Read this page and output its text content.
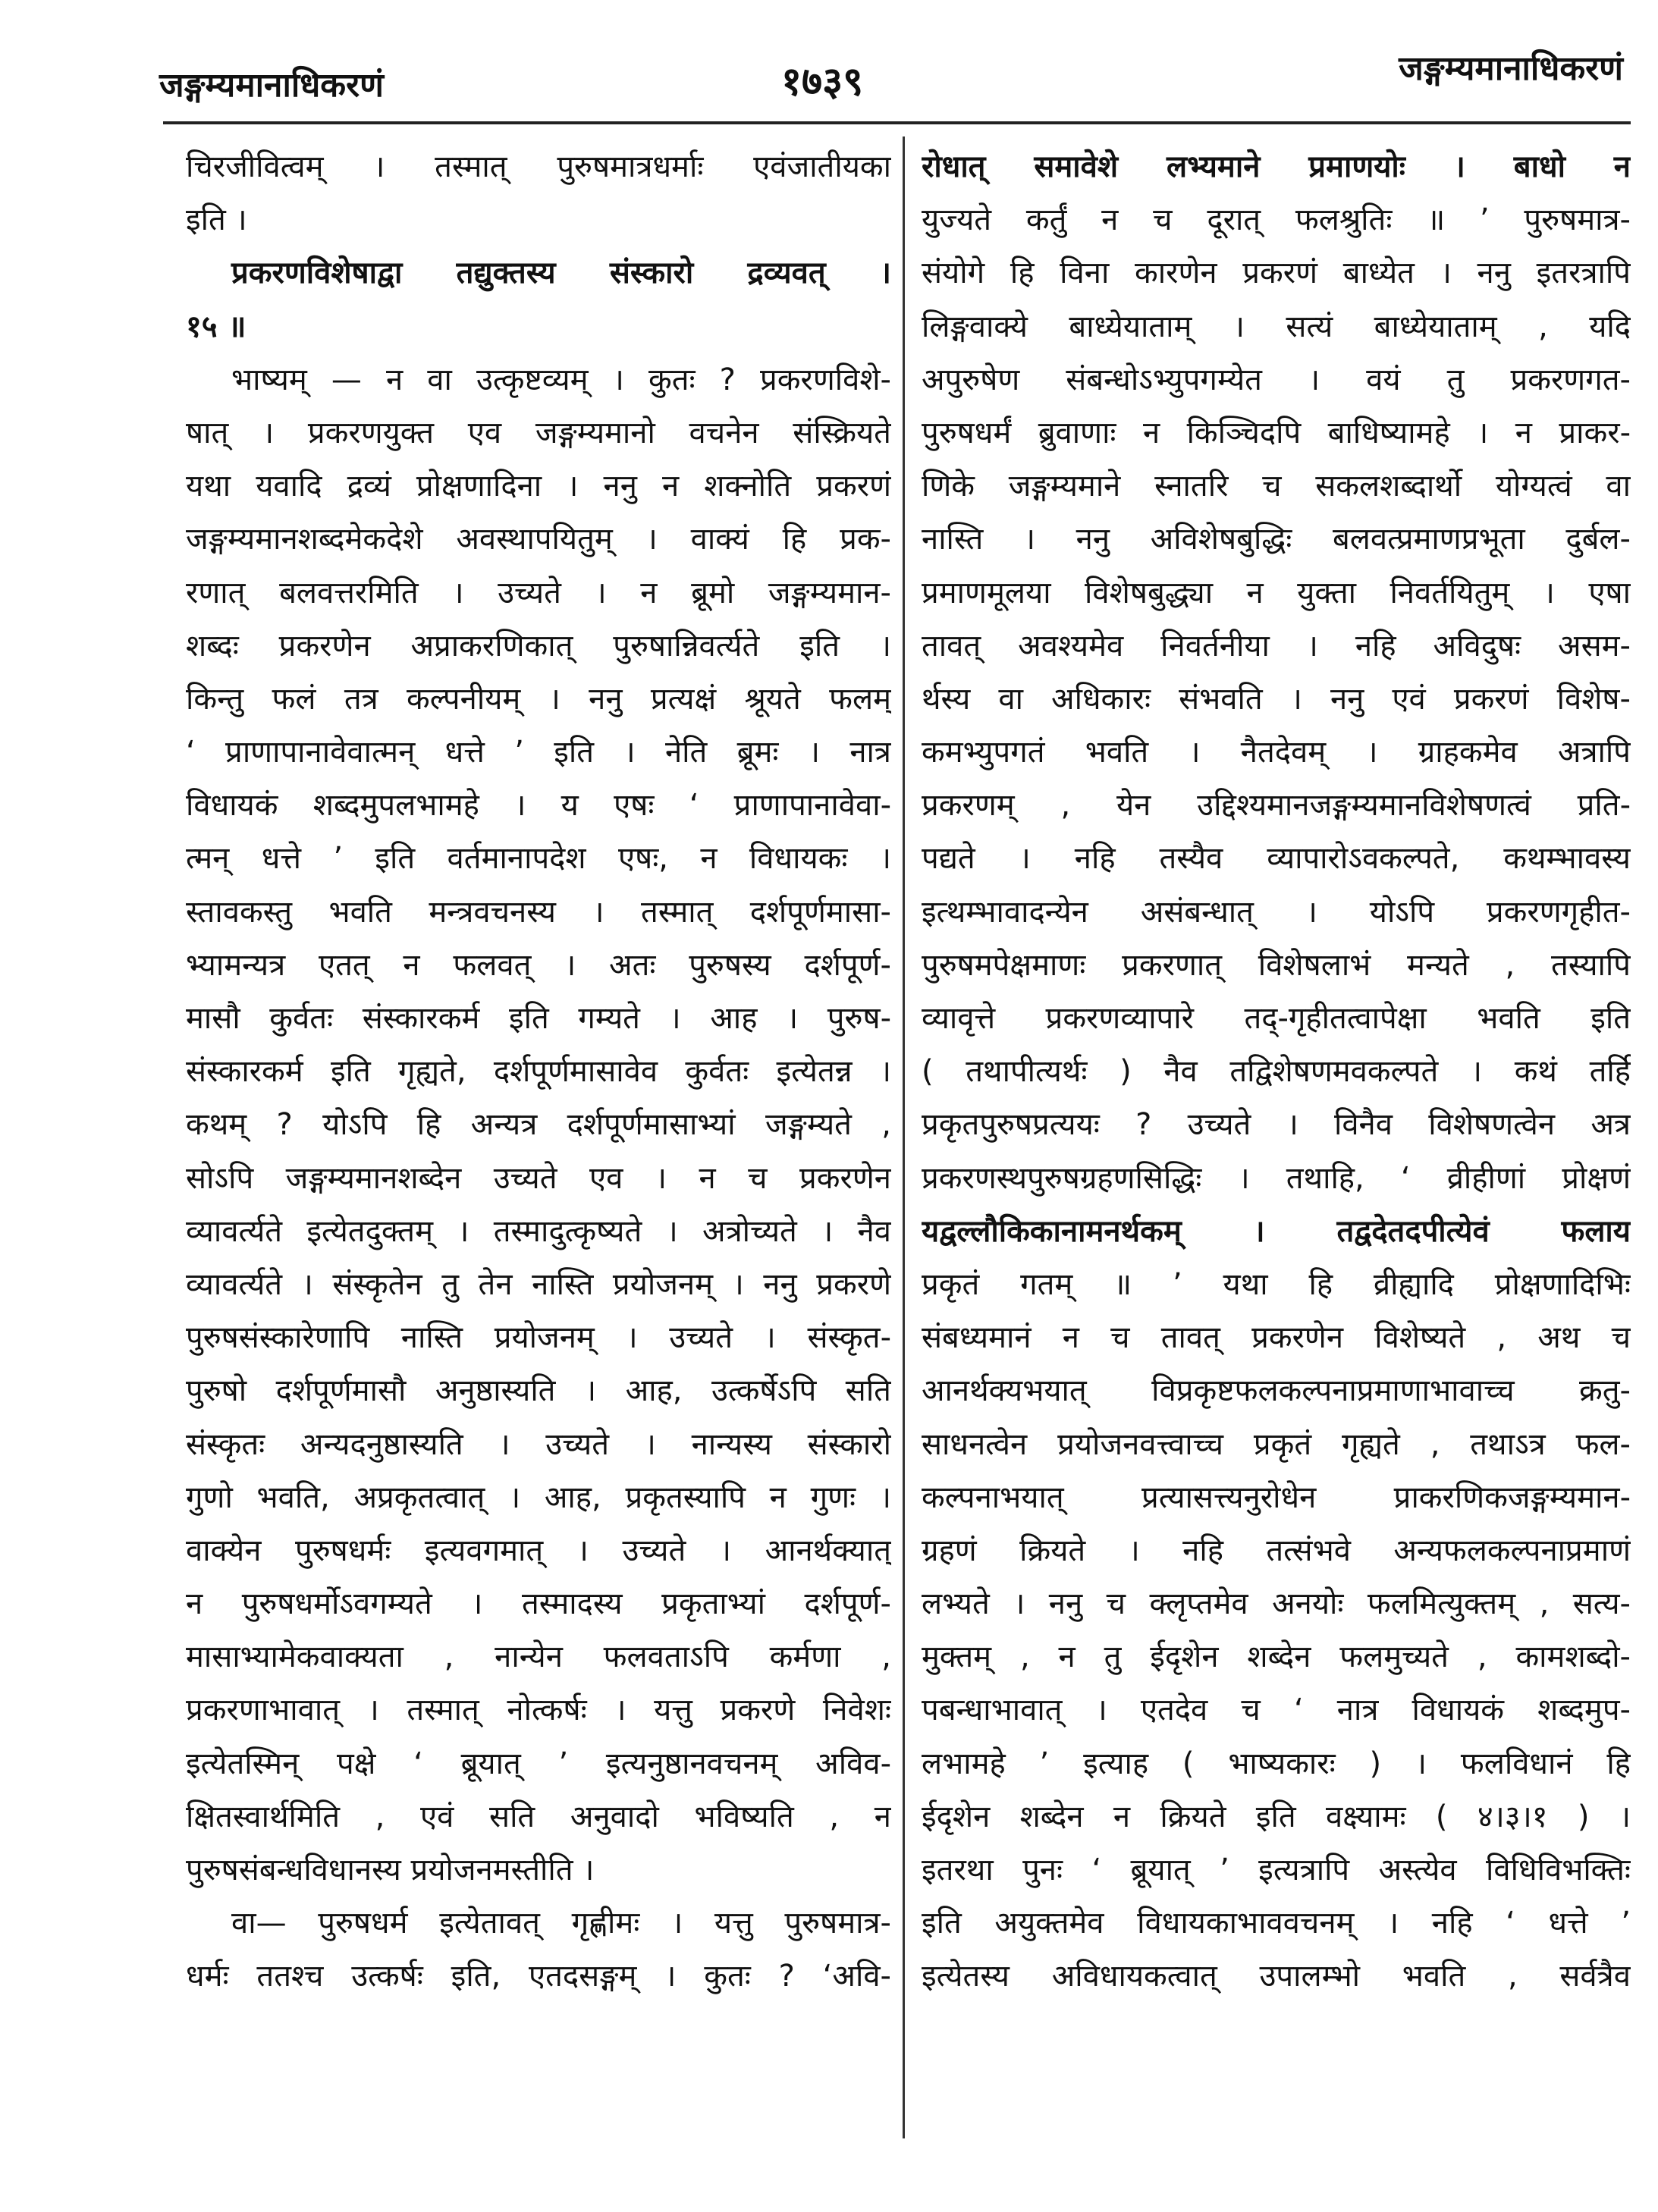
जङ्गम्यमानाधिकरणं	१७३९	जङ्गम्यमानाधिकरणं
चिरजीवित्वम् । तस्मात् पुरुषमात्रधर्माः एवंजातीयका
इति ।
प्रकरणविशेषाद्वा तद्युक्तस्य संस्कारो द्रव्यवत् ।
१५ ॥
भाष्यम् — न वा उत्कृष्टव्यम् । कुतः ? प्रकरणविशे-
षात् । प्रकरणयुक्त एव जङ्गम्यमानो वचनेन संस्क्रियते
यथा यवादि द्रव्यं प्रोक्षणादिना । ननु न शक्नोति प्रकरणं
जङ्गम्यमानशब्दमेकदेशे अवस्थापयितुम् । वाक्यं हि प्रक-
रणात् बलवत्तरमिति । उच्यते । न ब्रूमो जङ्गम्यमान-
शब्दः प्रकरणेन अप्राकरणिकात् पुरुषान्निवर्त्यते इति ।
किन्तु फलं तत्र कल्पनीयम् । ननु प्रत्यक्षं श्रूयते फलम्
‘ प्राणापानावेवात्मन् धत्ते ’ इति । नेति ब्रूमः । नात्र
विधायकं शब्दमुपलभामहे । य एषः ‘ प्राणापानावेवा-
त्मन् धत्ते ’ इति वर्तमानापदेश एषः, न विधायकः ।
स्तावकस्तु भवति मन्त्रवचनस्य । तस्मात् दर्शपूर्णमासा-
भ्यामन्यत्र एतत् न फलवत् । अतः पुरुषस्य दर्शपूर्ण-
मासौ कुर्वतः संस्कारकर्म इति गम्यते । आह । पुरुष-
संस्कारकर्म इति गृह्यते, दर्शपूर्णमासावेव कुर्वतः इत्येतन्न ।
कथम् ? योऽपि हि अन्यत्र दर्शपूर्णमासाभ्यां जङ्गम्यते ,
सोऽपि जङ्गम्यमानशब्देन उच्यते एव । न च प्रकरणेन
व्यावर्त्यते इत्येतदुक्तम् । तस्मादुत्कृष्यते । अत्रोच्यते । नैव
व्यावर्त्यते । संस्कृतेन तु तेन नास्ति प्रयोजनम् । ननु प्रकरणे
पुरुषसंस्कारेणापि नास्ति प्रयोजनम् । उच्यते । संस्कृत-
पुरुषो दर्शपूर्णमासौ अनुष्ठास्यति । आह, उत्कर्षेऽपि सति
संस्कृतः अन्यदनुष्ठास्यति । उच्यते । नान्यस्य संस्कारो
गुणो भवति, अप्रकृतत्वात् । आह, प्रकृतस्यापि न गुणः ।
वाक्येन पुरुषधर्मः इत्यवगमात् । उच्यते । आनर्थक्यात्
न पुरुषधर्मोऽवगम्यते । तस्मादस्य प्रकृताभ्यां दर्शपूर्ण-
मासाभ्यामेकवाक्यता , नान्येन फलवताऽपि कर्मणा ,
प्रकरणाभावात् । तस्मात् नोत्कर्षः । यत्तु प्रकरणे निवेशः
इत्येतस्मिन् पक्षे ‘ ब्रूयात् ’ इत्यनुष्ठानवचनम् अविव-
क्षितस्वार्थमिति , एवं सति अनुवादो भविष्यति , न
पुरुषसंबन्धविधानस्य प्रयोजनमस्तीति ।
वा— पुरुषधर्म इत्येतावत् गृह्णीमः । यत्तु पुरुषमात्र-
धर्मः ततश्च उत्कर्षः इति, एतदसङ्गम् । कुतः ? ‘अवि-
रोधात् समावेशे लभ्यमाने प्रमाणयोः । बाधो न
युज्यते कर्तुं न च दूरात् फलश्रुतिः ॥ ’ पुरुषमात्र-
संयोगे हि विना कारणेन प्रकरणं बाध्येत । ननु इतरत्रापि
लिङ्गवाक्ये बाध्येयाताम् । सत्यं बाध्येयाताम् , यदि
अपुरुषेण संबन्धोऽभ्युपगम्येत । वयं तु प्रकरणगत-
पुरुषधर्मं ब्रुवाणाः न किञ्चिदपि बाधिष्यामहे । न प्राकर-
णिके जङ्गम्यमाने स्नातरि च सकलशब्दार्थो योग्यत्वं वा
नास्ति । ननु अविशेषबुद्धिः बलवत्प्रमाणप्रभूता दुर्बल-
प्रमाणमूलया विशेषबुद्ध्या न युक्ता निवर्तयितुम् । एषा
तावत् अवश्यमेव निवर्तनीया । नहि अविदुषः असम-
र्थस्य वा अधिकारः संभवति । ननु एवं प्रकरणं विशेष-
कमभ्युपगतं भवति । नैतदेवम् । ग्राहकमेव अत्रापि
प्रकरणम् , येन उद्दिश्यमानजङ्गम्यमानविशेषणत्वं प्रति-
पद्यते । नहि तस्यैव व्यापारोऽवकल्पते, कथम्भावस्य
इत्थम्भावादन्येन असंबन्धात् । योऽपि प्रकरणगृहीत-
पुरुषमपेक्षमाणः प्रकरणात् विशेषलाभं मन्यते , तस्यापि
व्यावृत्ते प्रकरणव्यापारे तद्-गृहीतत्वापेक्षा भवति इति
( तथापीत्यर्थः ) नैव तद्विशेषणमवकल्पते । कथं तर्हि
प्रकृतपुरुषप्रत्ययः ? उच्यते । विनैव विशेषणत्वेन अत्र
प्रकरणस्थपुरुषग्रहणसिद्धिः । तथाहि, ‘ व्रीहीणां प्रोक्षणं
यद्वल्लौकिकानामनर्थकम् । तद्वदेतदपीत्येवं फलाय
प्रकृतं गतम् ॥ ’ यथा हि व्रीह्यादि प्रोक्षणादिभिः
संबध्यमानं न च तावत् प्रकरणेन विशेष्यते , अथ च
आनर्थक्यभयात् विप्रकृष्टफलकल्पनाप्रमाणाभावाच्च क्रतु-
साधनत्वेन प्रयोजनवत्त्वाच्च प्रकृतं गृह्यते , तथाऽत्र फल-
कल्पनाभयात् प्रत्यासत्त्यनुरोधेन प्राकरणिकजङ्गम्यमान-
ग्रहणं क्रियते । नहि तत्संभवे अन्यफलकल्पनाप्रमाणं
लभ्यते । ननु च क्लृप्तमेव अनयोः फलमित्युक्तम् , सत्य-
मुक्तम् , न तु ईदृशेन शब्देन फलमुच्यते , कामशब्दो-
पबन्धाभावात् । एतदेव च ‘ नात्र विधायकं शब्दमुप-
लभामहे ’ इत्याह ( भाष्यकारः ) । फलविधानं हि
ईदृशेन शब्देन न क्रियते इति वक्ष्यामः ( ४।३।१ ) ।
इतरथा पुनः ‘ ब्रूयात् ’ इत्यत्रापि अस्त्येव विधिविभक्तिः
इति अयुक्तमेव विधायकाभाववचनम् । नहि ‘ धत्ते ’
इत्येतस्य अविधायकत्वात् उपालम्भो भवति , सर्वत्रैव
